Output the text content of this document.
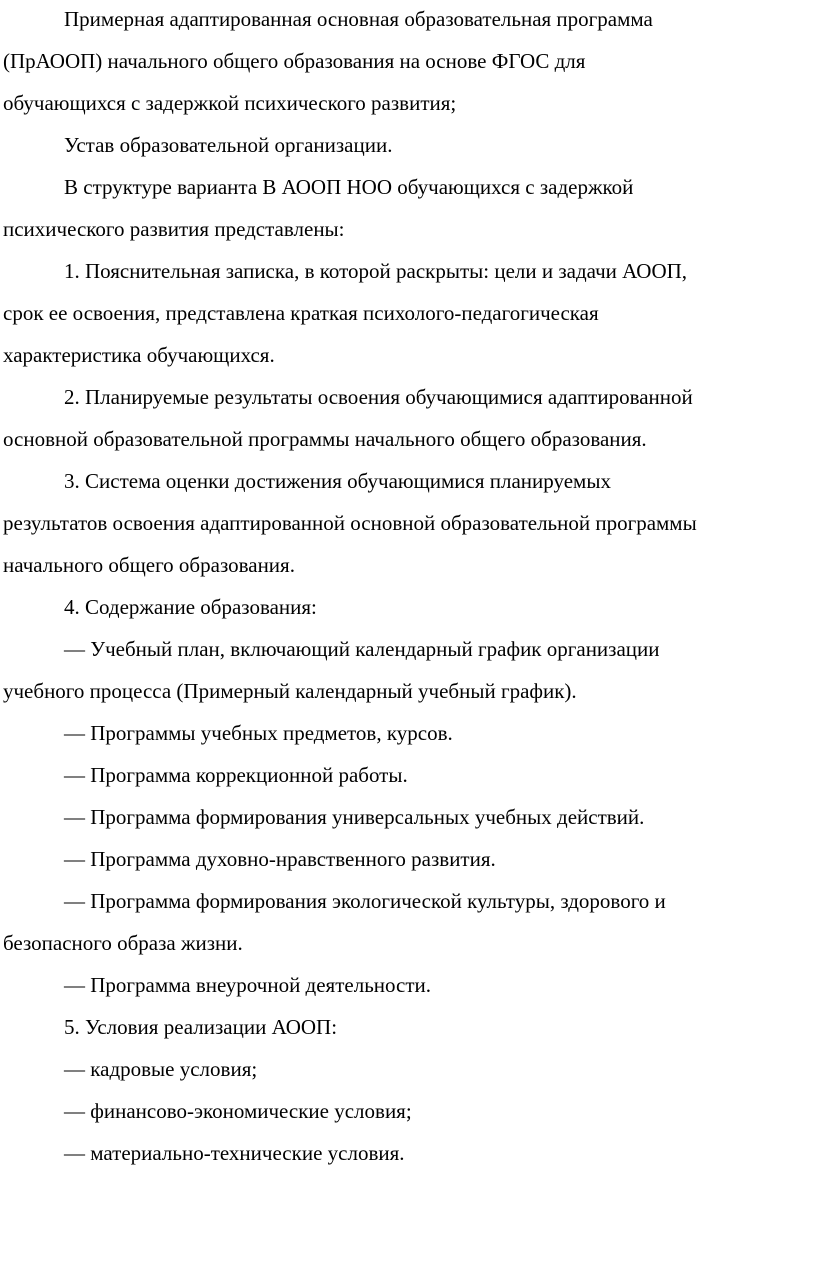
Примерная адаптированная основная образовательная программа
(ПрАООП) начального общего образования на основе ФГОС для
обучающихся с задержкой психического развития;
Устав образовательной организации.
В структуре варианта В АООП НОО обучающихся с задержкой
психического развития представлены:
1. Пояснительная записка, в которой раскрыты: цели и задачи АООП,
срок ее освоения, представлена краткая психолого-педагогическая
характеристика обучающихся.
2. Планируемые результаты освоения обучающимися адаптированной
основной образовательной программы начального общего образования.
3. Система оценки достижения обучающимися планируемых
результатов освоения адаптированной основной образовательной программы
начального общего образования.
4. Содержание образования:
— Учебный план, включающий календарный график организации
учебного процесса (Примерный календарный учебный график).
— Программы учебных предметов, курсов.
— Программа коррекционной работы.
— Программа формирования универсальных учебных действий.
— Программа духовно-нравственного развития.
— Программа формирования экологической культуры, здорового и
безопасного образа жизни.
— Программа внеурочной деятельности.
5. Условия реализации АООП:
— кадровые условия;
— финансово-экономические условия;
— материально-технические условия.
